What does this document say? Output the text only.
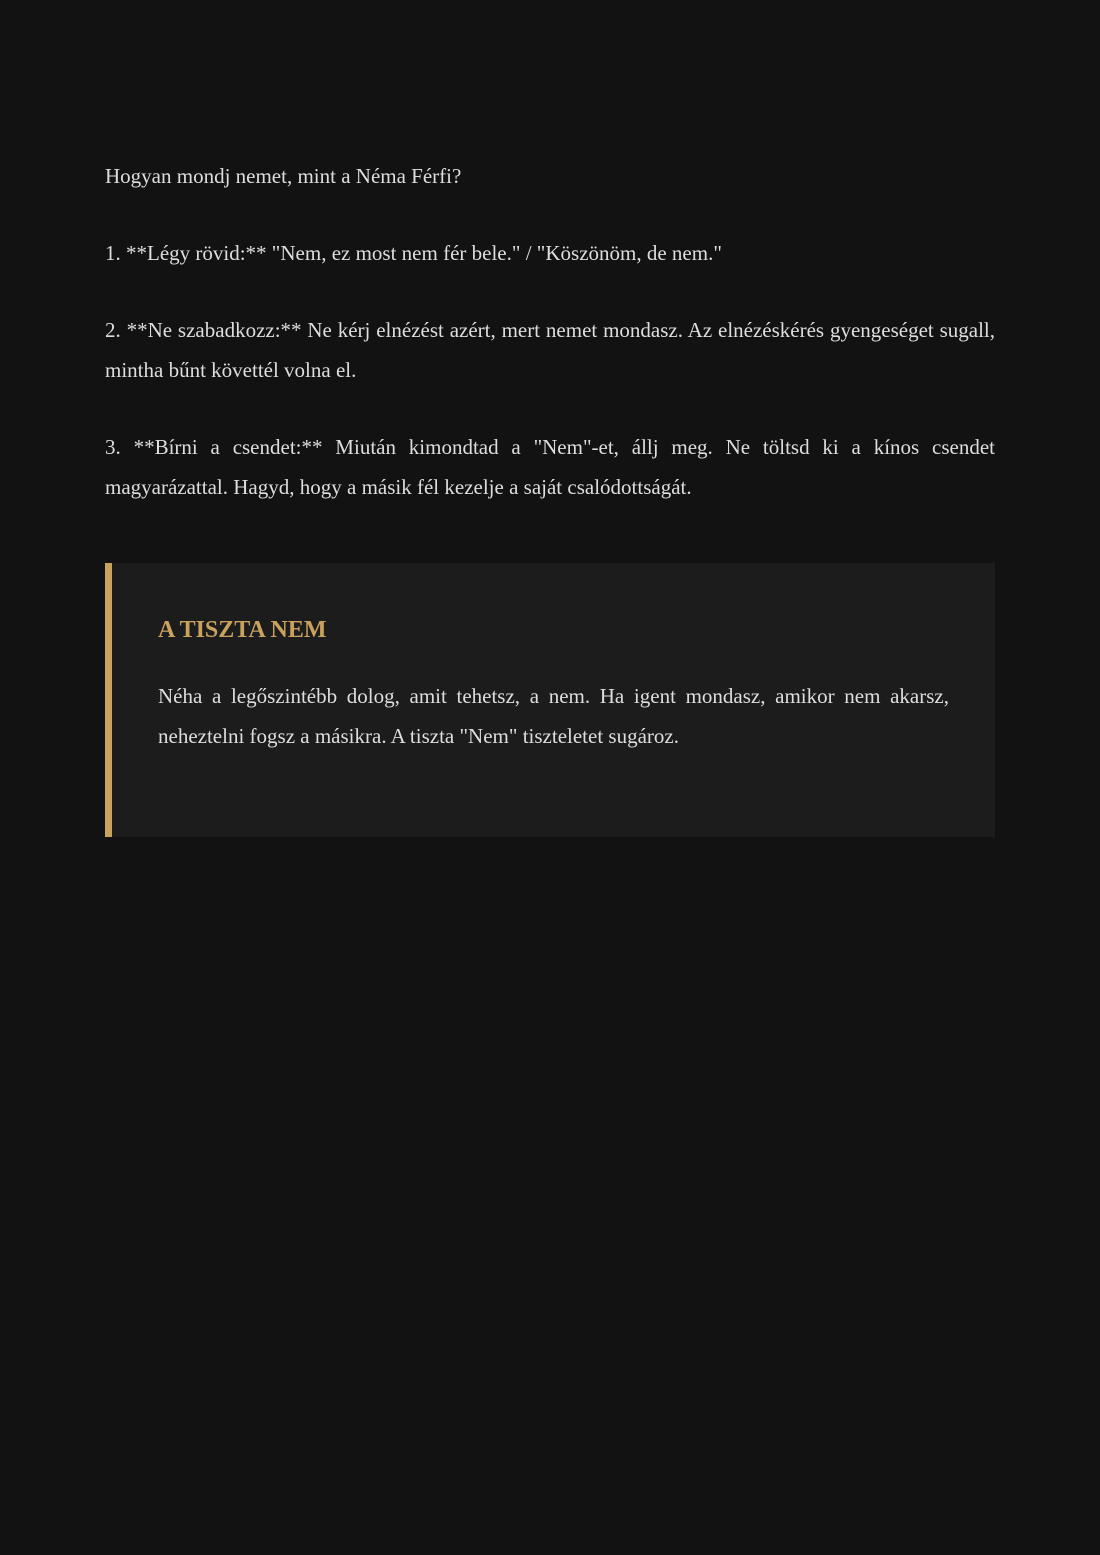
Hogyan mondj nemet, mint a Néma Férfi?

1. **Légy rövid:** "Nem, ez most nem fér bele." / "Köszönöm, de nem."

2. **Ne szabadkozz:** Ne kérj elnézést azért, mert nemet mondasz. Az elnézéskérés gyengeséget sugall, mintha bűnt követtél volna el.

3. **Bírni a csendet:** Miután kimondtad a "Nem"-et, állj meg. Ne töltsd ki a kínos csendet magyarázattal. Hagyd, hogy a másik fél kezelje a saját csalódottságát.

A TISZTA NEM

Néha a legőszintébb dolog, amit tehetsz, a nem. Ha igent mondasz, amikor nem akarsz, neheztelni fogsz a másikra. A tiszta "Nem" tiszteletet sugároz.
